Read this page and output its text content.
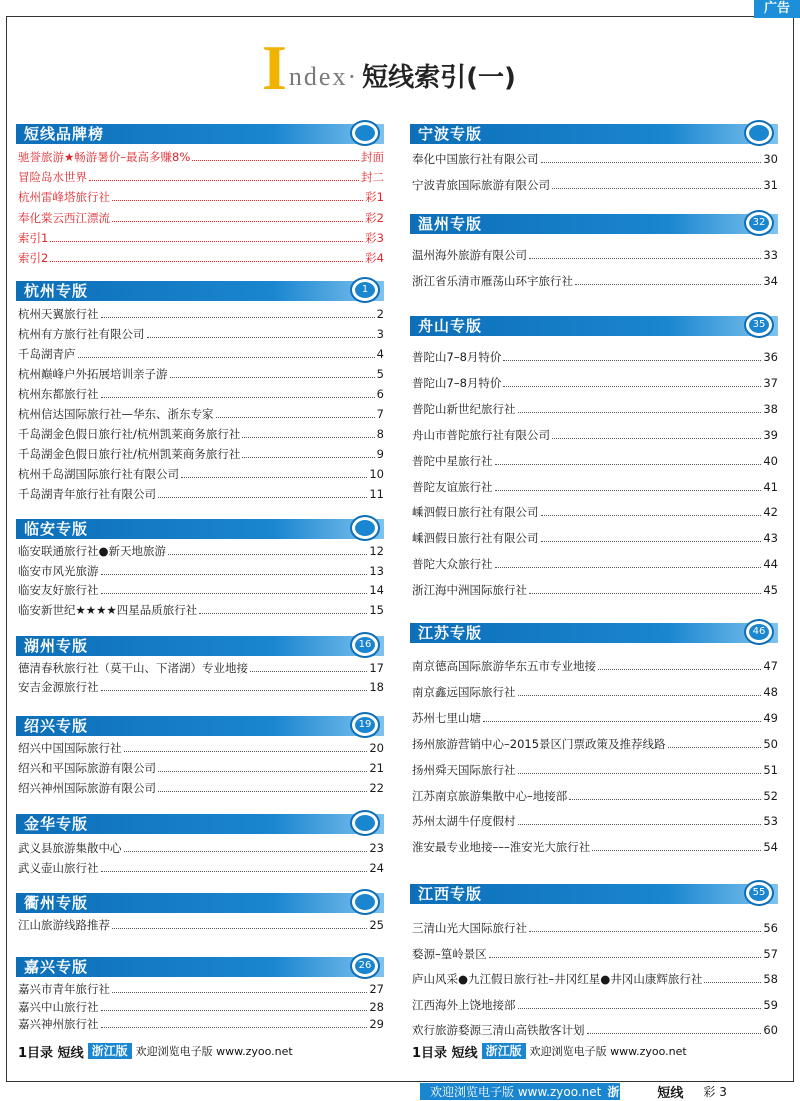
广告
I ndex· 短线索引(一)
短线品牌榜
驰誉旅游★畅游暑价–最高多赚8%	封面
冒险岛水世界	封二
杭州雷峰塔旅行社	彩1
奉化棠云西江漂流	彩2
索引1	彩3
索引2	彩4
杭州专版	1
杭州天翼旅行社	2
杭州有方旅行社有限公司	3
千岛湖青庐	4
杭州巅峰户外拓展培训亲子游	5
杭州东都旅行社	6
杭州信达国际旅行社—华东、浙东专家	7
千岛湖金色假日旅行社/杭州凯莱商务旅行社	8
千岛湖金色假日旅行社/杭州凯莱商务旅行社	9
杭州千岛湖国际旅行社有限公司	10
千岛湖青年旅行社有限公司	11
临安专版
临安联通旅行社●新天地旅游	12
临安市风光旅游	13
临安友好旅行社	14
临安新世纪★★★★四星品质旅行社	15
湖州专版	16
德清春秋旅行社（莫干山、下渚湖）专业地接	17
安吉金源旅行社	18
绍兴专版	19
绍兴中国国际旅行社	20
绍兴和平国际旅游有限公司	21
绍兴神州国际旅游有限公司	22
金华专版
武义县旅游集散中心	23
武义壶山旅行社	24
衢州专版
江山旅游线路推荐	25
嘉兴专版	26
嘉兴市青年旅行社	27
嘉兴中山旅行社	28
嘉兴神州旅行社	29
宁波专版
奉化中国旅行社有限公司	30
宁波青旅国际旅游有限公司	31
温州专版	32
温州海外旅游有限公司	33
浙江省乐清市雁荡山环宇旅行社	34
舟山专版	35
普陀山7–8月特价	36
普陀山7–8月特价	37
普陀山新世纪旅行社	38
舟山市普陀旅行社有限公司	39
普陀中星旅行社	40
普陀友谊旅行社	41
嵊泗假日旅行社有限公司	42
嵊泗假日旅行社有限公司	43
普陀大众旅行社	44
浙江海中洲国际旅行社	45
江苏专版	46
南京德高国际旅游华东五市专业地接	47
南京鑫远国际旅行社	48
苏州七里山塘	49
扬州旅游营销中心–2015景区门票政策及推荐线路	50
扬州舜天国际旅行社	51
江苏南京旅游集散中心–地接部	52
苏州太湖牛仔度假村	53
淮安最专业地接–––淮安光大旅行社	54
江西专版	55
三清山光大国际旅行社	56
婺源–篁岭景区	57
庐山风采●九江假日旅行社–井冈红星●井冈山康辉旅行社	58
江西海外上饶地接部	59
欢行旅游婺源三清山高铁散客计划	60
1目录 短线 浙江版 欢迎浏览电子版 www.zyoo.net	1目录 短线 浙江版 欢迎浏览电子版 www.zyoo.net
欢迎浏览电子版 www.zyoo.net 浙江版 短线 彩 3
